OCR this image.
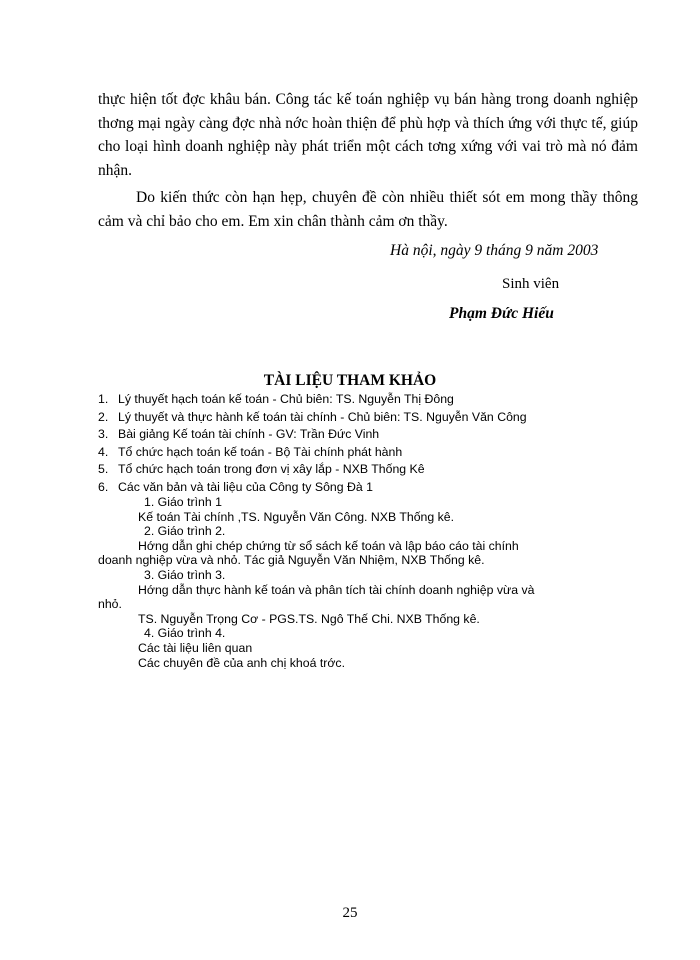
thực hiện tốt đợc khâu bán. Công tác kế toán nghiệp vụ bán hàng trong doanh nghiệp thơng mại ngày càng đợc nhà nớc hoàn thiện để phù hợp và thích ứng với thực tế, giúp cho loại hình doanh nghiệp này phát triển một cách tơng xứng với vai trò mà nó đảm nhận.

Do kiến thức còn hạn hẹp, chuyên đề còn nhiều thiết sót em mong thầy thông cảm và chỉ bảo cho em. Em xin chân thành cảm ơn thầy.

Hà nội, ngày 9 tháng 9 năm 2003
Sinh viên
Phạm Đức Hiếu
TÀI LIỆU THAM KHẢO
1. Lý thuyết hạch toán kế toán - Chủ biên: TS. Nguyễn Thị Đông
2. Lý thuyết và thực hành kế toán tài chính - Chủ biên: TS. Nguyễn Văn Công
3. Bài giảng Kế toán tài chính - GV: Trần Đức Vinh
4. Tổ chức hạch toán kế toán - Bộ Tài chính phát hành
5. Tổ chức hạch toán trong đơn vị xây lắp - NXB Thống Kê
6. Các văn bản và tài liệu của Công ty Sông Đà 1
1. Giáo trình 1
Kế toán Tài chính ,TS. Nguyễn Văn Công. NXB Thống kê.
2. Giáo trình 2.
Hớng dẫn ghi chép chứng từ sổ sách kế toán và lập báo cáo tài chính
doanh nghiệp vừa và nhỏ. Tác giả Nguyễn Văn Nhiệm, NXB Thống kê.
3. Giáo trình 3.
Hớng dẫn thực hành kế toán và phân tích tài chính doanh nghiệp vừa và
nhỏ.
TS. Nguyễn Trọng Cơ - PGS.TS. Ngô Thế Chi. NXB Thống kê.
4. Giáo trình 4.
Các tài liệu liên quan
Các chuyên đề của anh chị khoá trớc.
25
